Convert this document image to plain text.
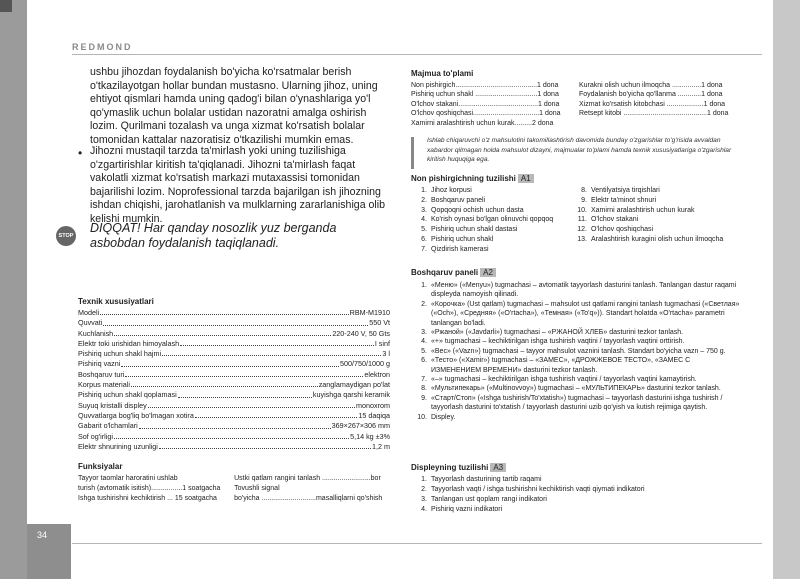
34
REDMOND

ushbu jihozdan foydalanish bo'yicha ko'rsatmalar berish o'tkazilayotgan hollar bundan mustasno. Ularning jihoz, uning ehtiyot qismlari hamda uning qadog'i bilan o'ynashlariga yo'l qo'ymaslik uchun bolalar ustidan nazoratni amalga oshirish lozim. Qurilmani tozalash va unga xizmat ko'rsatish bolalar tomonidan kattalar nazoratisiz o'tkazilishi mumkin emas.

• Jihozni mustaqil tarzda ta'mirlash yoki uning tuzilishiga o'zgartirishlar kiritish ta'qiqlanadi. Jihozni ta'mirlash faqat vakolatli xizmat ko'rsatish markazi mutaxassisi tomonidan bajarilishi lozim. Noprofessional tarzda bajarilgan ish jihozning ishdan chiqishi, jarohatlanish va mulklarning zararlanishiga olib kelishi mumkin.
STOP
DIQQAT! Har qanday nosozlik yuz berganda asbobdan foydalanish taqiqlanadi.
Texnik xususiyatlari
Modeli	RBM-M1910
Quvvati	550 Vt
Kuchlanish	220-240 V, 50 Gts
Elektr toki urishidan himoyalash	I sinf
Pishiriq uchun shakl hajmi	3 l
Pishiriq vazni	500/750/1000 g
Boshqaruv turi	elektron
Korpus materiali	zanglamaydigan po'lat
Pishiriq uchun shakl qoplamasi	kuyishga qarshi keramik
Suyuq kristalli displey	monoxrom
Quvvatlarga bog'liq bo'lmagan xotira	15 daqiqa
Gabarit o'lchamlari	369×267×306 mm
Sof og'irligi	5,14 kg ±3%
Elektr shnurining uzunligi	1,2 m
Funksiyalar
Tayyor taomlar haroratini ushlab
turish (avtomatik isitish)................1 soatgacha
Ishga tushirishni kechiktirish ... 15 soatgacha
Ustki qatlam rangini tanlash .........................bor
Tovushli signal
bo'yicha ............................masalliqlarni qo'shish
Majmua to'plami
Non pishirgich..........................................1 dona
Pishiriq uchun shakl ................................1 dona
O'lchov stakani.........................................1 dona
O'lchov qoshiqchasi..................................1 dona
Xamirni aralashtirish uchun kurak.........2 dona
Kurakni olish uchun ilmoqcha ...............1 dona
Foydalanish bo'yicha qo'llanma ............1 dona
Xizmat ko'rsatish kitobchasi ...................1 dona
Retsept kitobi ...........................................1 dona
Ishlab chiqaruvchi o'z mahsulotini takomillashtirish davomida bunday o'zgarishlar to'g'risida avvaldan xabardor qilmagan holda mahsulot dizayni, majmualar to'plami hamda texnik xususiyatlariga o'zgarishlar kiritish huquqiga ega.
Non pishirgichning tuzilishi A1
1. Jihoz korpusi
2. Boshqaruv paneli
3. Qopqoqni ochish uchun dasta
4. Ko'rish oynasi bo'lgan olinuvchi qopqoq
5. Pishiriq uchun shakl dastasi
6. Pishiriq uchun shakl
7. Qizdirish kamerasi
8. Ventilyatsiya tirqishlari
9. Elektr ta'minot shnuri
10. Xamirni aralashtirish uchun kurak
11. O'lchov stakani
12. O'lchov qoshiqchasi
13. Aralashtirish kuragini olish uchun ilmoqcha
Boshqaruv paneli A2
1. «Меню» («Menyu») tugmachasi – avtomatik tayyorlash dasturini tanlash. Tanlangan dastur raqami displeyda namoyish qilinadi.
2. «Корочка» (Ust qatlam) tugmachasi – mahsulot ust qatlami rangini tanlash tugmachasi («Светлая» («Och»), «Средняя» («O'rtacha»), «Темная» («To'q»)). Standart holatda «O'rtacha» parametri tanlangan bo'ladi.
3. «Ржаной» («Javdarli») tugmachasi – «РЖАНОЙ ХЛЕБ» dasturini tezkor tanlash.
4. «+» tugmachasi – kechiktirilgan ishga tushirish vaqtini / tayyorlash vaqtini orttirish.
5. «Вес» («Vazn») tugmachasi – tayyor mahsulot vaznini tanlash. Standart bo'yicha vazn – 750 g.
6. «Тесто» («Xamir») tugmachasi – «ЗАМЕС», «ДРОЖЖЕВОЕ ТЕСТО», «ЗАМЕС С ИЗМЕНЕНИЕМ ВРЕМЕНИ» dasturini tezkor tanlash.
7. «–» tugmachasi – kechiktirilgan ishga tushirish vaqtini / tayyorlash vaqtini kamaytirish.
8. «Мультипекарь» («Multinovvoy») tugmachasi – «МУЛЬТИПЕКАРЬ» dasturini tezkor tanlash.
9. «Старт/Стоп» («Ishga tushirish/To'xtatish») tugmachasi – tayyorlash dasturini ishga tushirish / tayyorlash dasturini to'xtatish / tayyorlash dasturini uzib qo'yish va kutish rejimiga qaytish.
10. Displey.
Displeyning tuzilishi A3
1. Tayyorlash dasturining tartib raqami
2. Tayyorlash vaqti / ishga tushirishni kechiktirish vaqti qiymati indikatori
3. Tanlangan ust qoplam rangi indikatori
4. Pishiriq vazni indikatori
